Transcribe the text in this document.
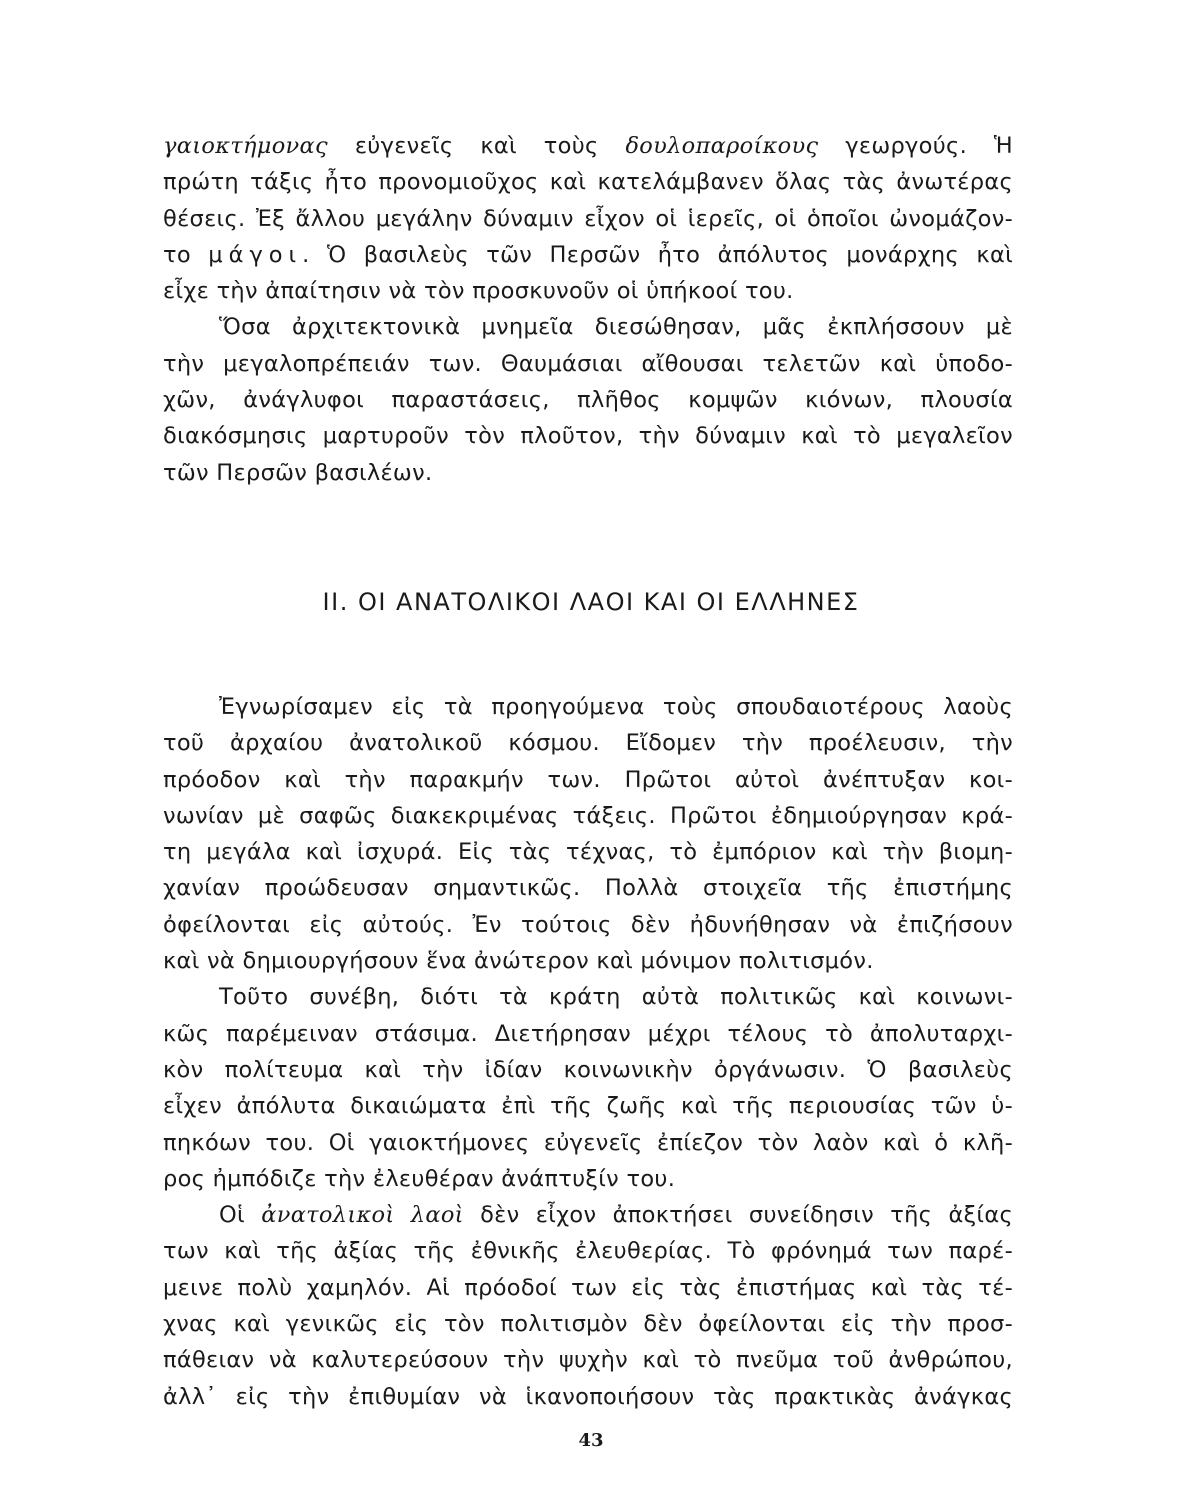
γαιοκτήμονας εὐγενεῖς καὶ τοὺς δουλοπαροίκους γεωργούς. Ἡ
πρώτη τάξις ἦτο προνομιοῦχος καὶ κατελάμβανεν ὅλας τὰς ἀνωτέρας
θέσεις. Ἐξ ἄλλου μεγάλην δύναμιν εἶχον οἱ ἱερεῖς, οἱ ὁποῖοι ὠνομάζον-
το μάγοι. Ὁ βασιλεὺς τῶν Περσῶν ἦτο ἀπόλυτος μονάρχης καὶ
εἶχε τὴν ἀπαίτησιν νὰ τὸν προσκυνοῦν οἱ ὑπήκοοί του.

Ὅσα ἀρχιτεκτονικὰ μνημεῖα διεσώθησαν, μᾶς ἐκπλήσσουν μὲ
τὴν μεγαλοπρέπειάν των. Θαυμάσιαι αἴθουσαι τελετῶν καὶ ὑποδο-
χῶν, ἀνάγλυφοι παραστάσεις, πλῆθος κομψῶν κιόνων, πλουσία
διακόσμησις μαρτυροῦν τὸν πλοῦτον, τὴν δύναμιν καὶ τὸ μεγαλεῖον
τῶν Περσῶν βασιλέων.

II. ΟΙ ΑΝΑΤΟΛΙΚΟΙ ΛΑΟΙ ΚΑΙ ΟΙ ΕΛΛΗΝΕΣ

Ἐγνωρίσαμεν εἰς τὰ προηγούμενα τοὺς σπουδαιοτέρους λαοὺς
τοῦ ἀρχαίου ἀνατολικοῦ κόσμου. Εἴδομεν τὴν προέλευσιν, τὴν
πρόοδον καὶ τὴν παρακμήν των. Πρῶτοι αὐτοὶ ἀνέπτυξαν κοι-
νωνίαν μὲ σαφῶς διακεκριμένας τάξεις. Πρῶτοι ἐδημιούργησαν κρά-
τη μεγάλα καὶ ἰσχυρά. Εἰς τὰς τέχνας, τὸ ἐμπόριον καὶ τὴν βιομη-
χανίαν προώδευσαν σημαντικῶς. Πολλὰ στοιχεῖα τῆς ἐπιστήμης
ὀφείλονται εἰς αὐτούς. Ἐν τούτοις δὲν ἠδυνήθησαν νὰ ἐπιζήσουν
καὶ νὰ δημιουργήσουν ἕνα ἀνώτερον καὶ μόνιμον πολιτισμόν.

Τοῦτο συνέβη, διότι τὰ κράτη αὐτὰ πολιτικῶς καὶ κοινωνι-
κῶς παρέμειναν στάσιμα. Διετήρησαν μέχρι τέλους τὸ ἀπολυταρχι-
κὸν πολίτευμα καὶ τὴν ἰδίαν κοινωνικὴν ὀργάνωσιν. Ὁ βασιλεὺς
εἶχεν ἀπόλυτα δικαιώματα ἐπὶ τῆς ζωῆς καὶ τῆς περιουσίας τῶν ὑ-
πηκόων του. Οἱ γαιοκτήμονες εὐγενεῖς ἐπίεζον τὸν λαὸν καὶ ὁ κλῆ-
ρος ἠμπόδιζε τὴν ἐλευθέραν ἀνάπτυξίν του.

Οἱ ἀνατολικοὶ λαοὶ δὲν εἶχον ἀποκτήσει συνείδησιν τῆς ἀξίας
των καὶ τῆς ἀξίας τῆς ἐθνικῆς ἐλευθερίας. Τὸ φρόνημά των παρέ-
μεινε πολὺ χαμηλόν. Αἱ πρόοδοί των εἰς τὰς ἐπιστήμας καὶ τὰς τέ-
χνας καὶ γενικῶς εἰς τὸν πολιτισμὸν δὲν ὀφείλονται εἰς τὴν προσ-
πάθειαν νὰ καλυτερεύσουν τὴν ψυχὴν καὶ τὸ πνεῦμα τοῦ ἀνθρώπου,
ἀλλ᾽ εἰς τὴν ἐπιθυμίαν νὰ ἱκανοποιήσουν τὰς πρακτικὰς ἀνάγκας

43
